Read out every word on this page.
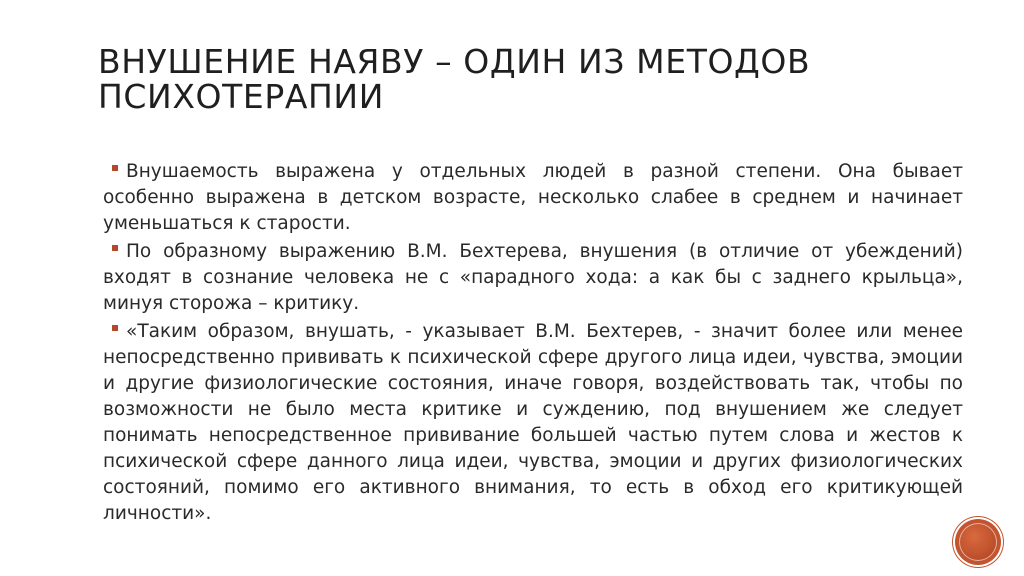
ВНУШЕНИЕ НАЯВУ – ОДИН ИЗ МЕТОДОВ ПСИХОТЕРАПИИ
Внушаемость выражена у отдельных людей в разной степени. Она бывает особенно выражена в детском возрасте, несколько слабее в среднем и начинает уменьшаться к старости.
По образному выражению В.М. Бехтерева, внушения (в отличие от убеждений) входят в сознание человека не с «парадного хода: а как бы с заднего крыльца», минуя сторожа – критику.
«Таким образом, внушать, - указывает В.М. Бехтерев, - значит более или менее непосредственно прививать к психической сфере другого лица идеи, чувства, эмоции и другие физиологические состояния, иначе говоря, воздействовать так, чтобы по возможности не было места критике и суждению, под внушением же следует понимать непосредственное прививание большей частью путем слова и жестов к психической сфере данного лица идеи, чувства, эмоции и других физиологических состояний, помимо его активного внимания, то есть в обход его критикующей личности».
